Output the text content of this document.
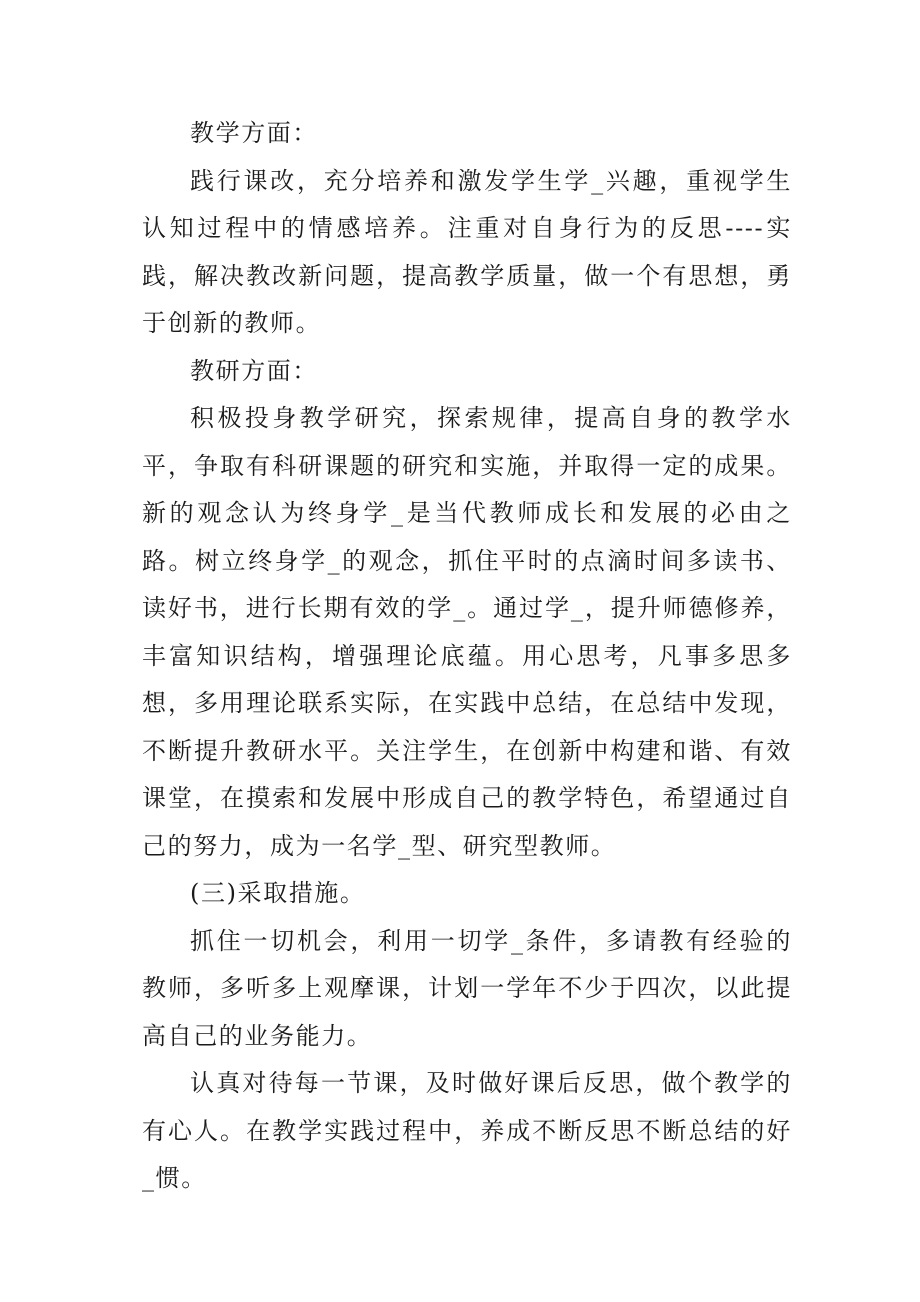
教学方面：

践行课改，充分培养和激发学生学_兴趣，重视学生认知过程中的情感培养。注重对自身行为的反思----实践，解决教改新问题，提高教学质量，做一个有思想，勇于创新的教师。

教研方面：

积极投身教学研究，探索规律，提高自身的教学水平，争取有科研课题的研究和实施，并取得一定的成果。新的观念认为终身学_是当代教师成长和发展的必由之路。树立终身学_的观念，抓住平时的点滴时间多读书、读好书，进行长期有效的学_。通过学_，提升师德修养，丰富知识结构，增强理论底蕴。用心思考，凡事多思多想，多用理论联系实际，在实践中总结，在总结中发现，不断提升教研水平。关注学生，在创新中构建和谐、有效课堂，在摸索和发展中形成自己的教学特色，希望通过自己的努力，成为一名学_型、研究型教师。

(三)采取措施。

抓住一切机会，利用一切学_条件，多请教有经验的教师，多听多上观摩课，计划一学年不少于四次，以此提高自己的业务能力。

认真对待每一节课，及时做好课后反思，做个教学的有心人。在教学实践过程中，养成不断反思不断总结的好_惯。
